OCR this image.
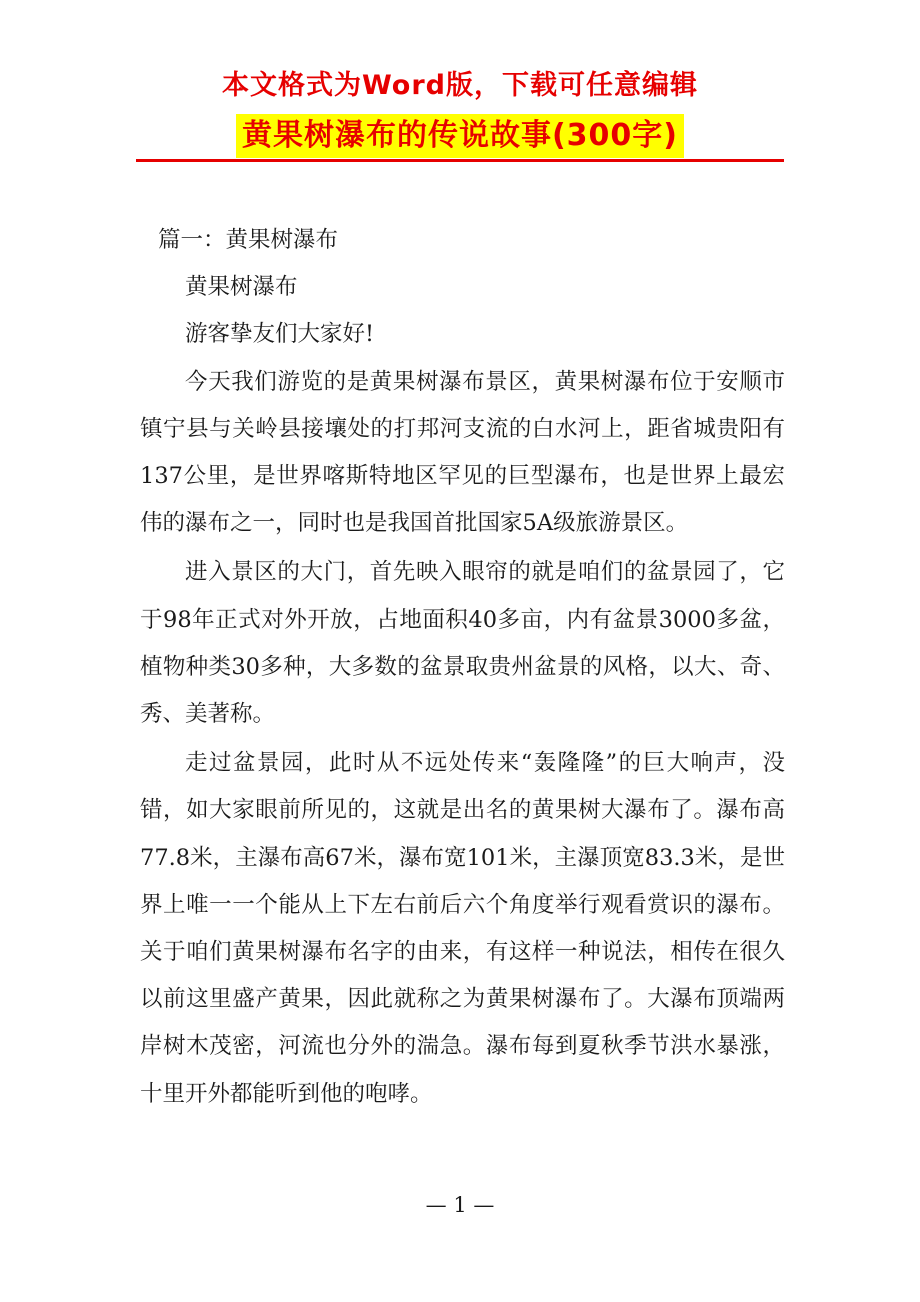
本文格式为Word版，下载可任意编辑
黄果树瀑布的传说故事(300字)

篇一：黄果树瀑布

黄果树瀑布

游客挚友们大家好!

今天我们游览的是黄果树瀑布景区，黄果树瀑布位于安顺市镇宁县与关岭县接壤处的打邦河支流的白水河上，距省城贵阳有137公里，是世界喀斯特地区罕见的巨型瀑布，也是世界上最宏伟的瀑布之一，同时也是我国首批国家5A级旅游景区。

进入景区的大门，首先映入眼帘的就是咱们的盆景园了，它于98年正式对外开放，占地面积40多亩，内有盆景3000多盆，植物种类30多种，大多数的盆景取贵州盆景的风格，以大、奇、秀、美著称。

走过盆景园，此时从不远处传来“轰隆隆”的巨大响声，没错，如大家眼前所见的，这就是出名的黄果树大瀑布了。瀑布高77.8米，主瀑布高67米，瀑布宽101米，主瀑顶宽83.3米，是世界上唯一一个能从上下左右前后六个角度举行观看赏识的瀑布。关于咱们黄果树瀑布名字的由来，有这样一种说法，相传在很久以前这里盛产黄果，因此就称之为黄果树瀑布了。大瀑布顶端两岸树木茂密，河流也分外的湍急。瀑布每到夏秋季节洪水暴涨，十里开外都能听到他的咆哮。

— 1 —
